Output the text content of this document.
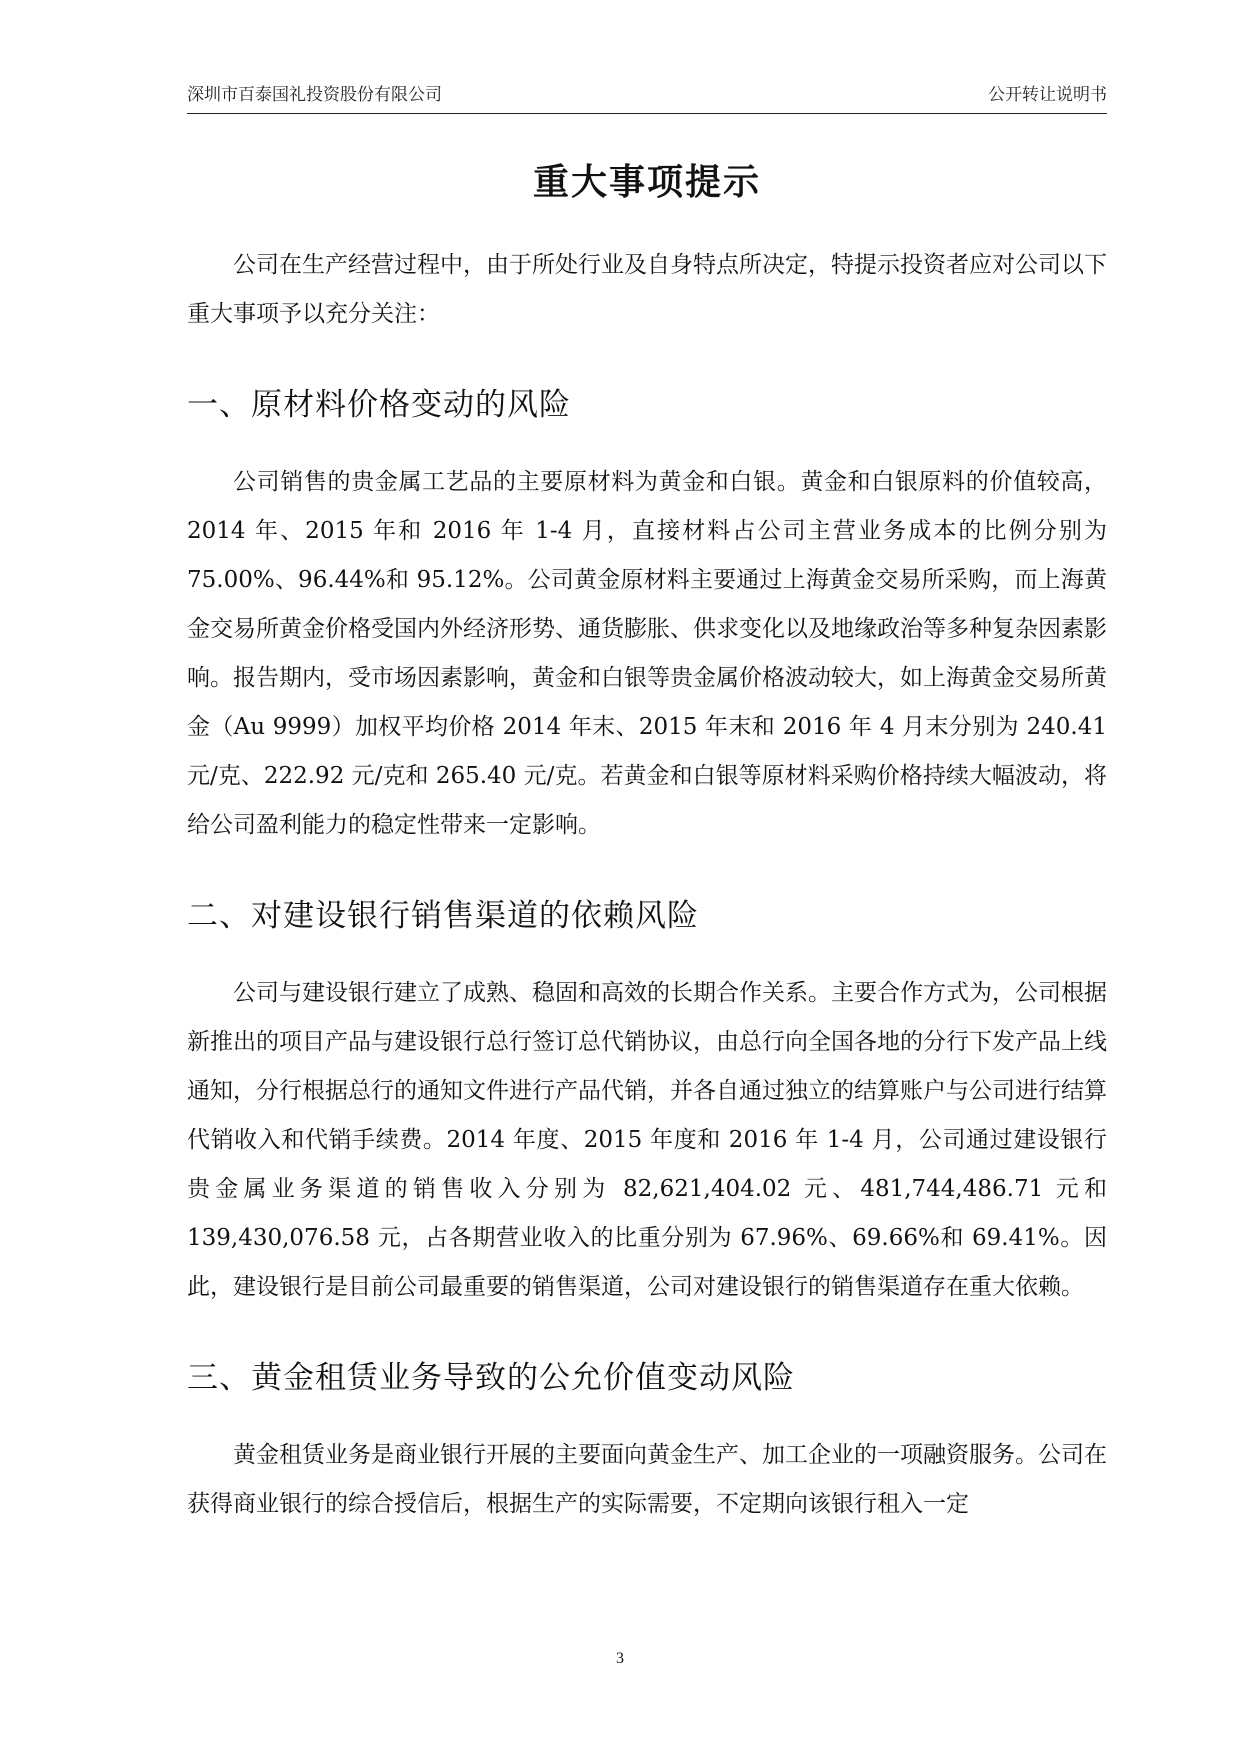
深圳市百泰国礼投资股份有限公司	公开转让说明书
重大事项提示

公司在生产经营过程中，由于所处行业及自身特点所决定，特提示投资者应对公司以下重大事项予以充分关注：

一、原材料价格变动的风险

公司销售的贵金属工艺品的主要原材料为黄金和白银。黄金和白银原料的价值较高，2014 年、2015 年和 2016 年 1-4 月，直接材料占公司主营业务成本的比例分别为 75.00%、96.44%和 95.12%。公司黄金原材料主要通过上海黄金交易所采购，而上海黄金交易所黄金价格受国内外经济形势、通货膨胀、供求变化以及地缘政治等多种复杂因素影响。报告期内，受市场因素影响，黄金和白银等贵金属价格波动较大，如上海黄金交易所黄金（Au 9999）加权平均价格 2014 年末、2015 年末和 2016 年 4 月末分别为 240.41 元/克、222.92 元/克和 265.40 元/克。若黄金和白银等原材料采购价格持续大幅波动，将给公司盈利能力的稳定性带来一定影响。

二、对建设银行销售渠道的依赖风险

公司与建设银行建立了成熟、稳固和高效的长期合作关系。主要合作方式为，公司根据新推出的项目产品与建设银行总行签订总代销协议，由总行向全国各地的分行下发产品上线通知，分行根据总行的通知文件进行产品代销，并各自通过独立的结算账户与公司进行结算代销收入和代销手续费。2014 年度、2015 年度和 2016 年 1-4 月，公司通过建设银行贵金属业务渠道的销售收入分别为 82,621,404.02 元、481,744,486.71 元和 139,430,076.58 元，占各期营业收入的比重分别为 67.96%、69.66%和 69.41%。因此，建设银行是目前公司最重要的销售渠道，公司对建设银行的销售渠道存在重大依赖。

三、黄金租赁业务导致的公允价值变动风险

黄金租赁业务是商业银行开展的主要面向黄金生产、加工企业的一项融资服务。公司在获得商业银行的综合授信后，根据生产的实际需要，不定期向该银行租入一定

3
